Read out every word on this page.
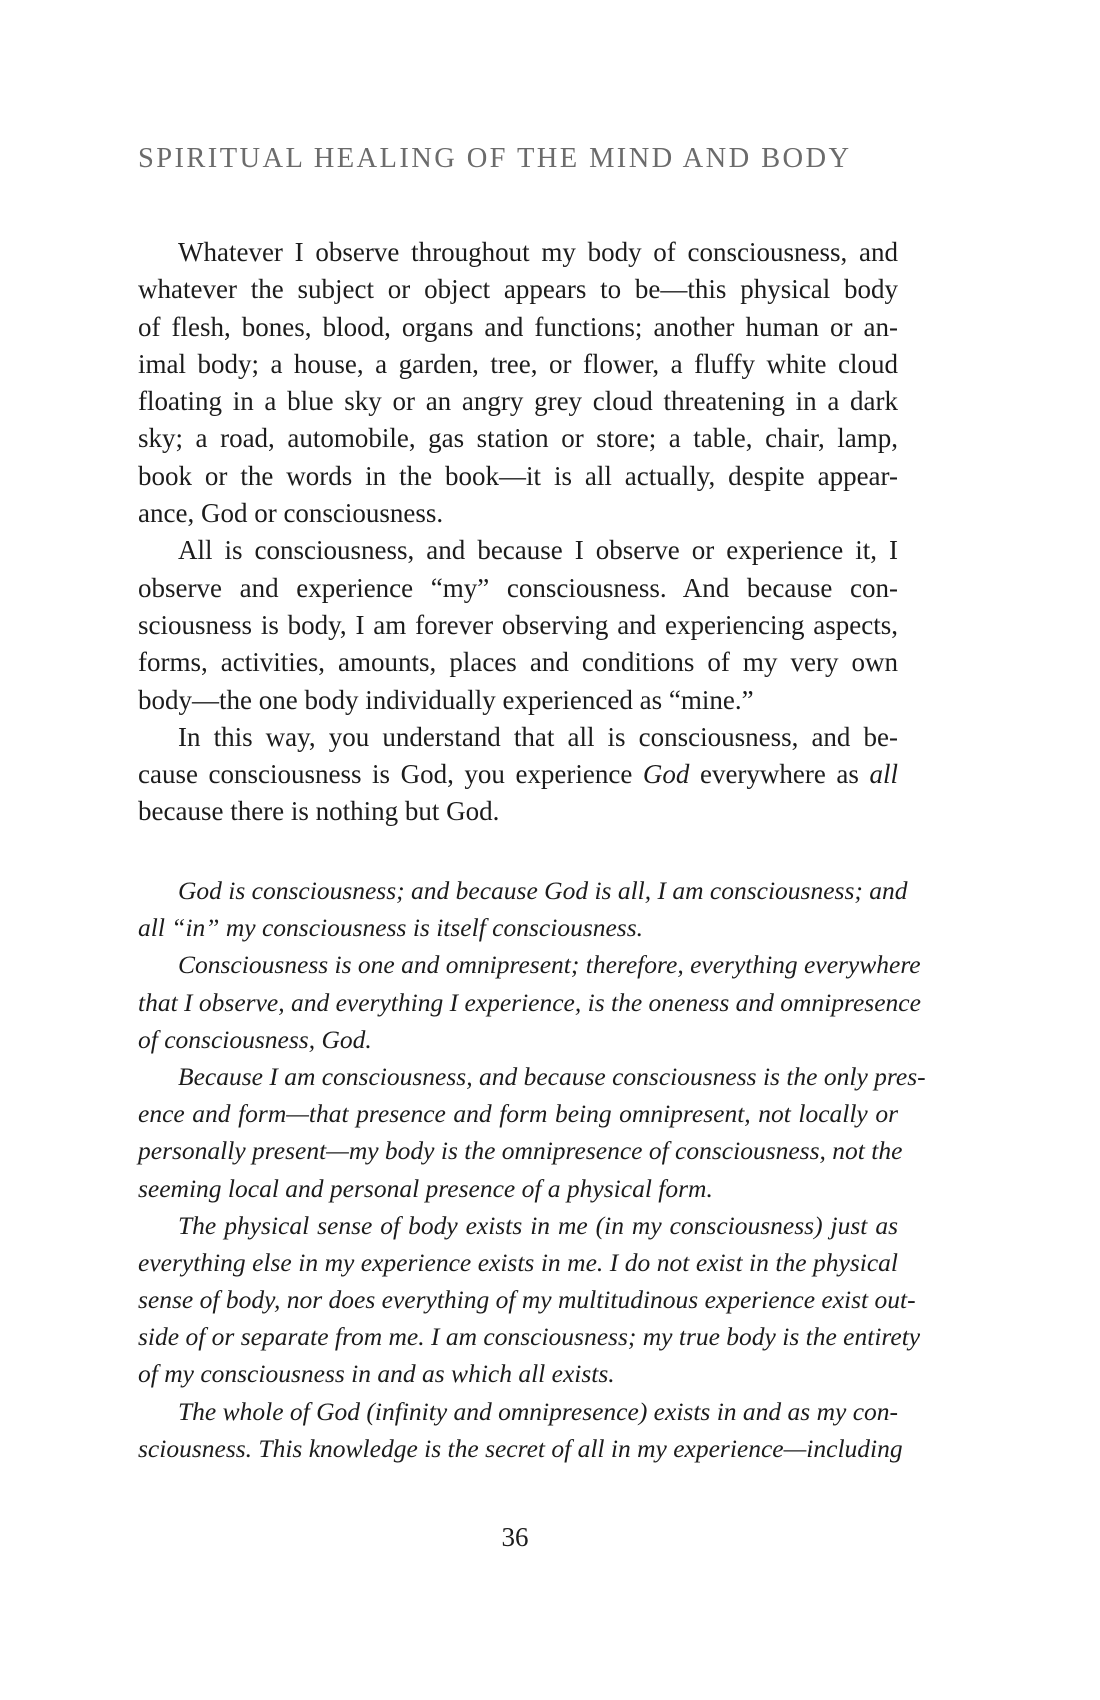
SPIRITUAL HEALING OF THE MIND AND BODY
Whatever I observe throughout my body of consciousness, and
whatever the subject or object appears to be—this physical body
of flesh, bones, blood, organs and functions; another human or an-
imal body; a house, a garden, tree, or flower, a fluffy white cloud
floating in a blue sky or an angry grey cloud threatening in a dark
sky; a road, automobile, gas station or store; a table, chair, lamp,
book or the words in the book—it is all actually, despite appear-
ance, God or consciousness.
All is consciousness, and because I observe or experience it, I
observe and experience “my” consciousness. And because con-
sciousness is body, I am forever observing and experiencing aspects,
forms, activities, amounts, places and conditions of my very own
body—the one body individually experienced as “mine.”
In this way, you understand that all is consciousness, and be-
cause consciousness is God, you experience God everywhere as all
because there is nothing but God.
God is consciousness; and because God is all, I am consciousness; and
all “in” my consciousness is itself consciousness.
Consciousness is one and omnipresent; therefore, everything everywhere
that I observe, and everything I experience, is the oneness and omnipresence
of consciousness, God.
Because I am consciousness, and because consciousness is the only pres-
ence and form—that presence and form being omnipresent, not locally or
personally present—my body is the omnipresence of consciousness, not the
seeming local and personal presence of a physical form.
The physical sense of body exists in me (in my consciousness) just as
everything else in my experience exists in me. I do not exist in the physical
sense of body, nor does everything of my multitudinous experience exist out-
side of or separate from me. I am consciousness; my true body is the entirety
of my consciousness in and as which all exists.
The whole of God (infinity and omnipresence) exists in and as my con-
sciousness. This knowledge is the secret of all in my experience—including
36
